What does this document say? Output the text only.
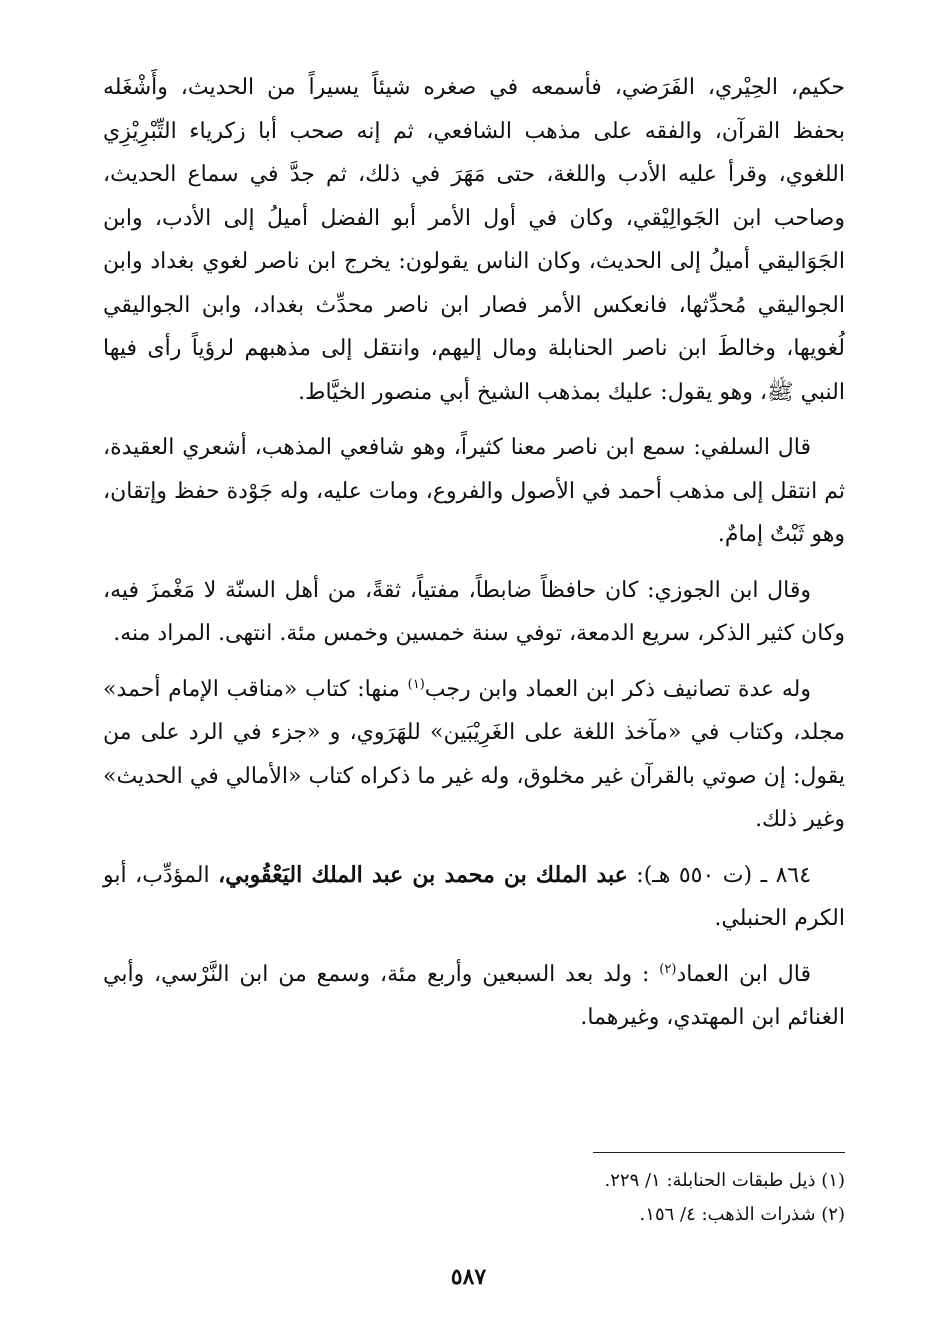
حكيم، الحِيْري، الفَرَضي، فأسمعه في صغره شيئاً يسيراً من الحديث، وأَشْغَله بحفظ القرآن، والفقه على مذهب الشافعي، ثم إنه صحب أبا زكرياء التِّبْرِيْزِي اللغوي، وقرأ عليه الأدب واللغة، حتى مَهَرَ في ذلك، ثم جدَّ في سماع الحديث، وصاحب ابن الجَوالِيْقي، وكان في أول الأمر أبو الفضل أميلُ إلى الأدب، وابن الجَوَاليقي أميلُ إلى الحديث، وكان الناس يقولون: يخرج ابن ناصر لغوي بغداد وابن الجواليقي مُحدِّثها، فانعكس الأمر فصار ابن ناصر محدِّث بغداد، وابن الجواليقي لُغويها، وخالطَ ابن ناصر الحنابلة ومال إليهم، وانتقل إلى مذهبهم لرؤياً رأى فيها النبي ﷺ، وهو يقول: عليك بمذهب الشيخ أبي منصور الخيَّاط.

قال السلفي: سمع ابن ناصر معنا كثيراً، وهو شافعي المذهب، أشعري العقيدة، ثم انتقل إلى مذهب أحمد في الأصول والفروع، ومات عليه، وله جَوْدة حفظ وإتقان، وهو ثَبْتٌ إمامٌ.

وقال ابن الجوزي: كان حافظاً ضابطاً، مفتياً، ثقةً، من أهل السنّة لا مَغْمزَ فيه، وكان كثير الذكر، سريع الدمعة، توفي سنة خمسين وخمس مئة. انتهى. المراد منه.

وله عدة تصانيف ذكر ابن العماد وابن رجب$^{(١)}$ منها: كتاب «مناقب الإمام أحمد» مجلد، وكتاب في «مآخذ اللغة على الغَرِيْبَين» للهَرَوي، و «جزء في الرد على من يقول: إن صوتي بالقرآن غير مخلوق، وله غير ما ذكراه كتاب «الأمالي في الحديث» وغير ذلك.

٨٦٤ ـ (ت ٥٥٠ هـ): عبد الملك بن محمد بن عبد الملك اليَعْقُوبي، المؤدِّب، أبو الكرم الحنبلي.

قال ابن العماد$^{(٢)}$ : ولد بعد السبعين وأربع مئة، وسمع من ابن النَّرْسي، وأبي الغنائم ابن المهتدي، وغيرهما.

(١) ذيل طبقات الحنابلة: ١/ ٢٢٩.

(٢) شذرات الذهب: ٤/ ١٥٦.

٥٨٧
